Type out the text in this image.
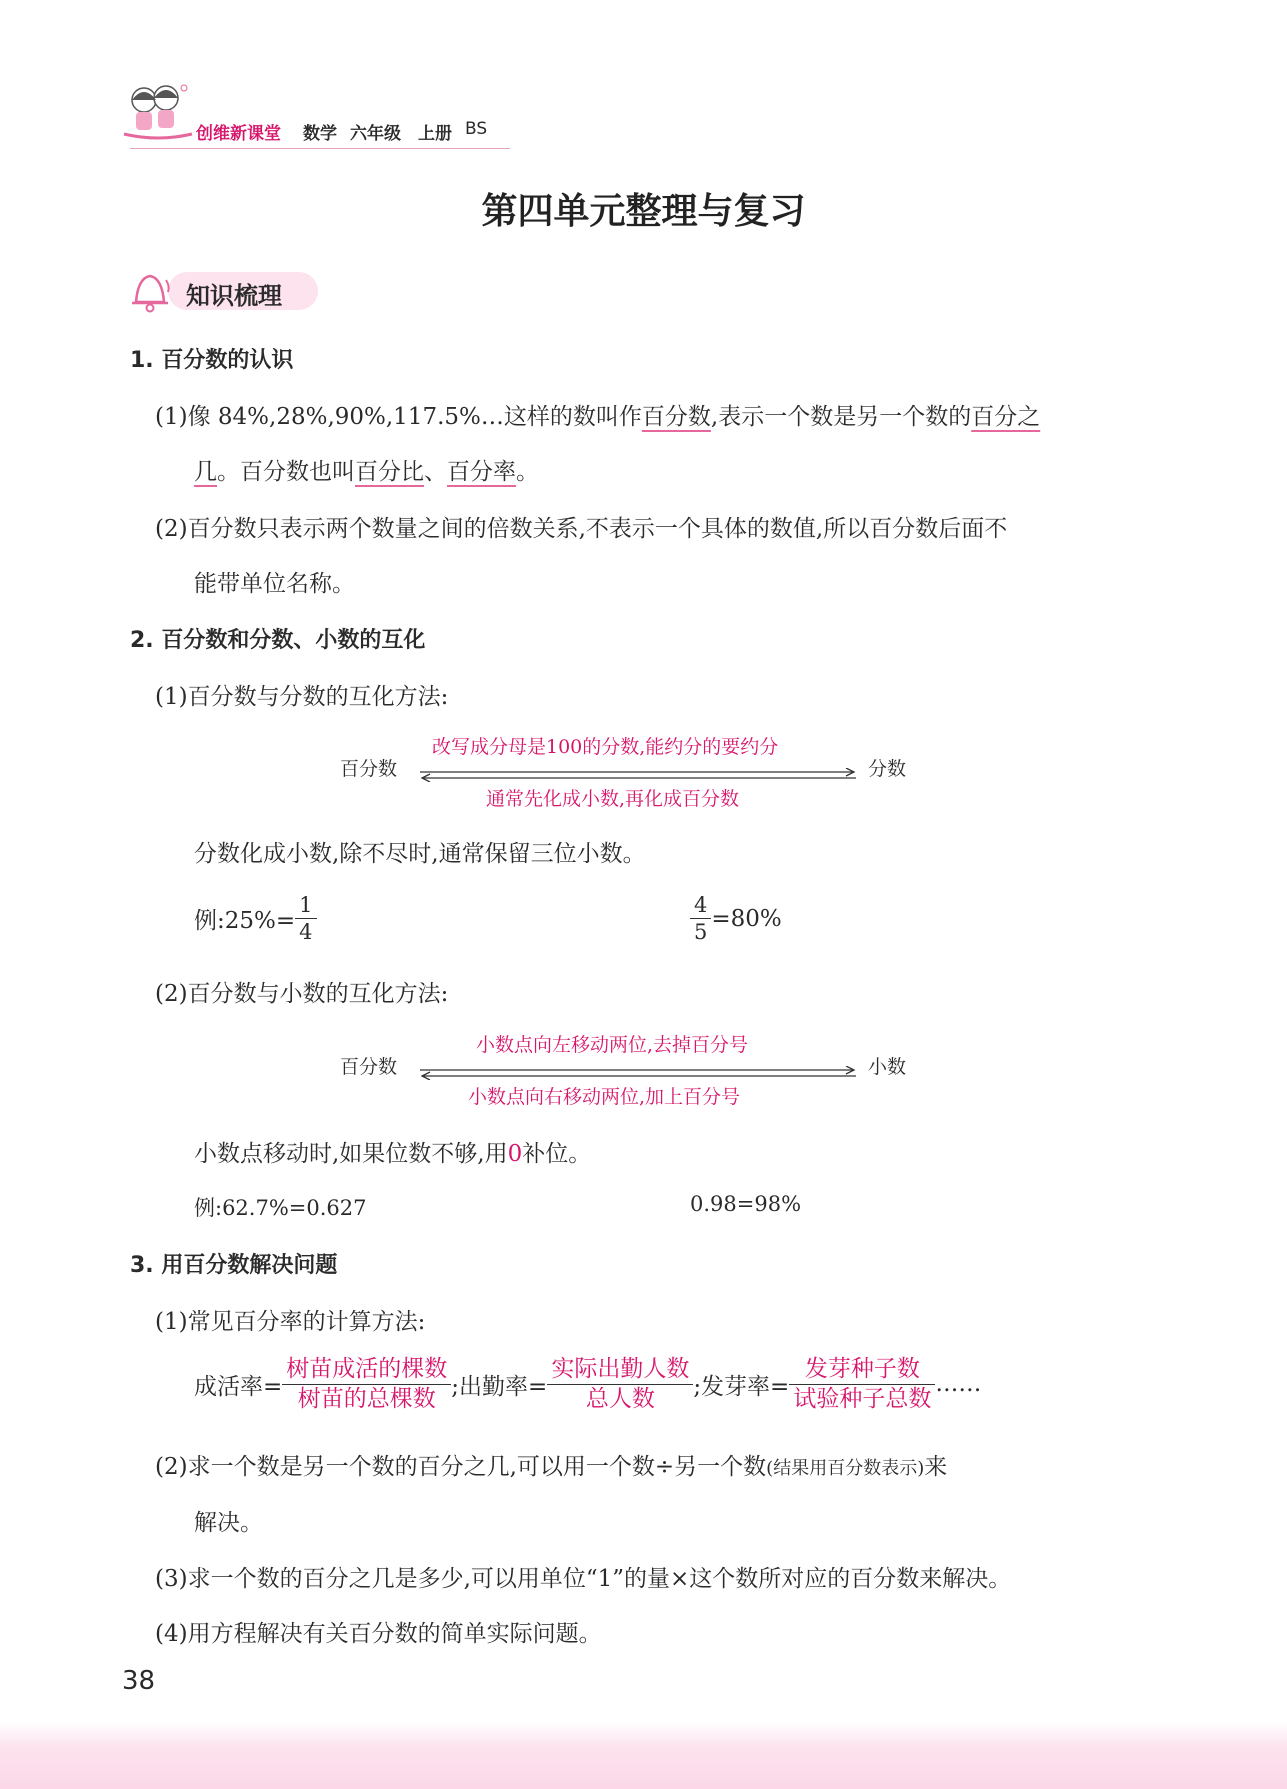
创维新课堂 数学 六年级 上册 BS
第四单元整理与复习
知识梳理
1. 百分数的认识
(1)像 84%,28%,90%,117.5%…这样的数叫作百分数,表示一个数是另一个数的百分之
几。百分数也叫百分比、百分率。
(2)百分数只表示两个数量之间的倍数关系,不表示一个具体的数值,所以百分数后面不
能带单位名称。
2. 百分数和分数、小数的互化
(1)百分数与分数的互化方法:
百分数
改写成分母是100的分数,能约分的要约分
分数
通常先化成小数,再化成百分数
分数化成小数,除不尽时,通常保留三位小数。
例:25%= $\frac{1}{4}$	$\frac{4}{5} =80\%$
(2)百分数与小数的互化方法:
百分数
小数点向左移动两位,去掉百分号
小数
小数点向右移动两位,加上百分号
小数点移动时,如果位数不够,用0补位。
例:62.7%=0.627	0.98=98%
3. 用百分数解决问题
(1)常见百分率的计算方法:
成活率= $\frac{\text{树苗成活的棵数}}{\text{树苗的总棵数}}$ ;出勤率= $\frac{\text{实际出勤人数}}{\text{总人数}}$ ;发芽率= $\frac{\text{发芽种子数}}{\text{试验种子总数}}$ ……
(2)求一个数是另一个数的百分之几,可以用一个数÷另一个数(结果用百分数表示)来
解决。
(3)求一个数的百分之几是多少,可以用单位“1”的量×这个数所对应的百分数来解决。
(4)用方程解决有关百分数的简单实际问题。
38
